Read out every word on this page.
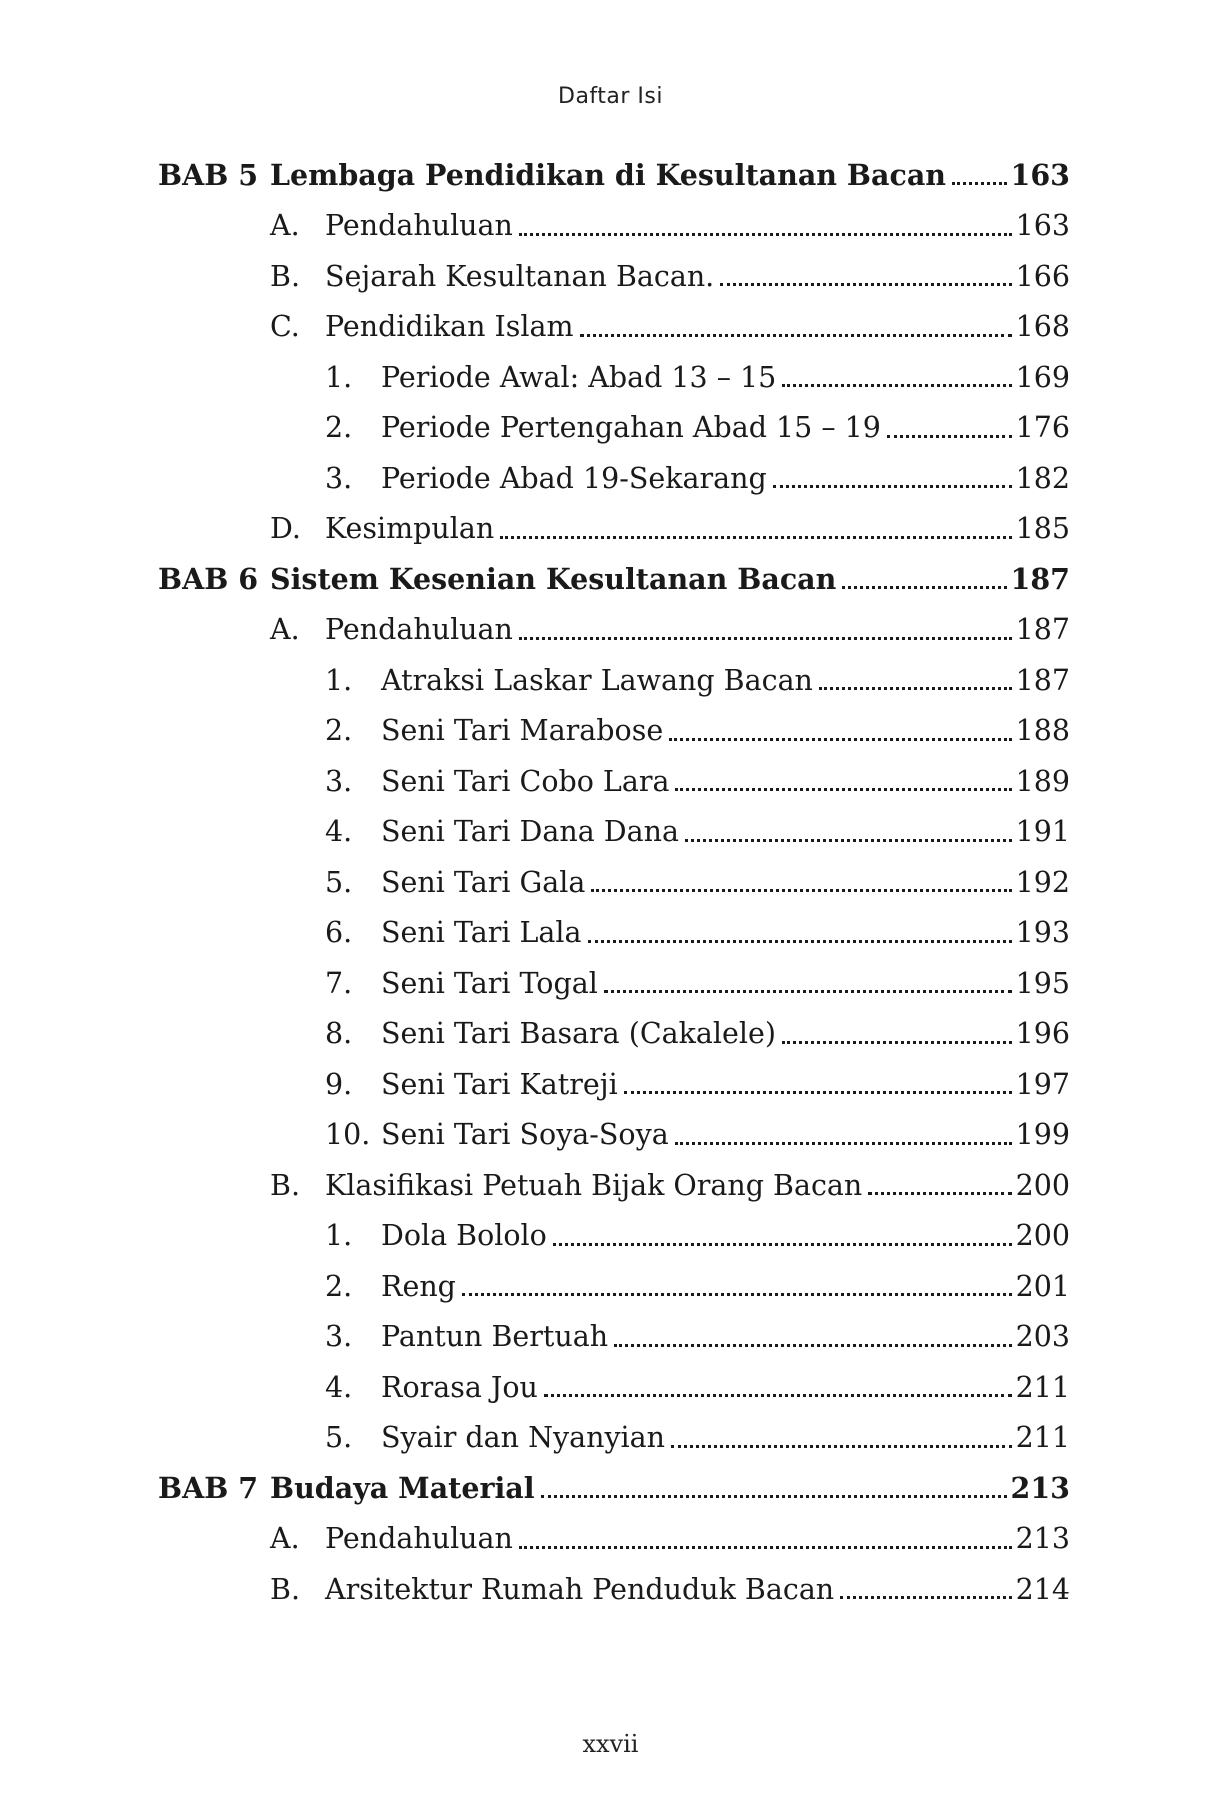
Daftar Isi
BAB 5 Lembaga Pendidikan di Kesultanan Bacan 163
A. Pendahuluan	163
B. Sejarah Kesultanan Bacan.	166
C. Pendidikan Islam	168
1. Periode Awal: Abad 13 – 15	169
2. Periode Pertengahan Abad 15 – 19	176
3. Periode Abad 19-Sekarang	182
D. Kesimpulan	185
BAB 6 Sistem Kesenian Kesultanan Bacan	187
A. Pendahuluan	187
1. Atraksi Laskar Lawang Bacan	187
2. Seni Tari Marabose	188
3. Seni Tari Cobo Lara	189
4. Seni Tari Dana Dana	191
5. Seni Tari Gala	192
6. Seni Tari Lala	193
7. Seni Tari Togal	195
8. Seni Tari Basara (Cakalele)	196
9. Seni Tari Katreji	197
10. Seni Tari Soya-Soya	199
B. Klasifikasi Petuah Bijak Orang Bacan	200
1. Dola Bololo	200
2. Reng	201
3. Pantun Bertuah	203
4. Rorasa Jou	211
5. Syair dan Nyanyian	211
BAB 7 Budaya Material	213
A. Pendahuluan	213
B. Arsitektur Rumah Penduduk Bacan	214
xxvii
